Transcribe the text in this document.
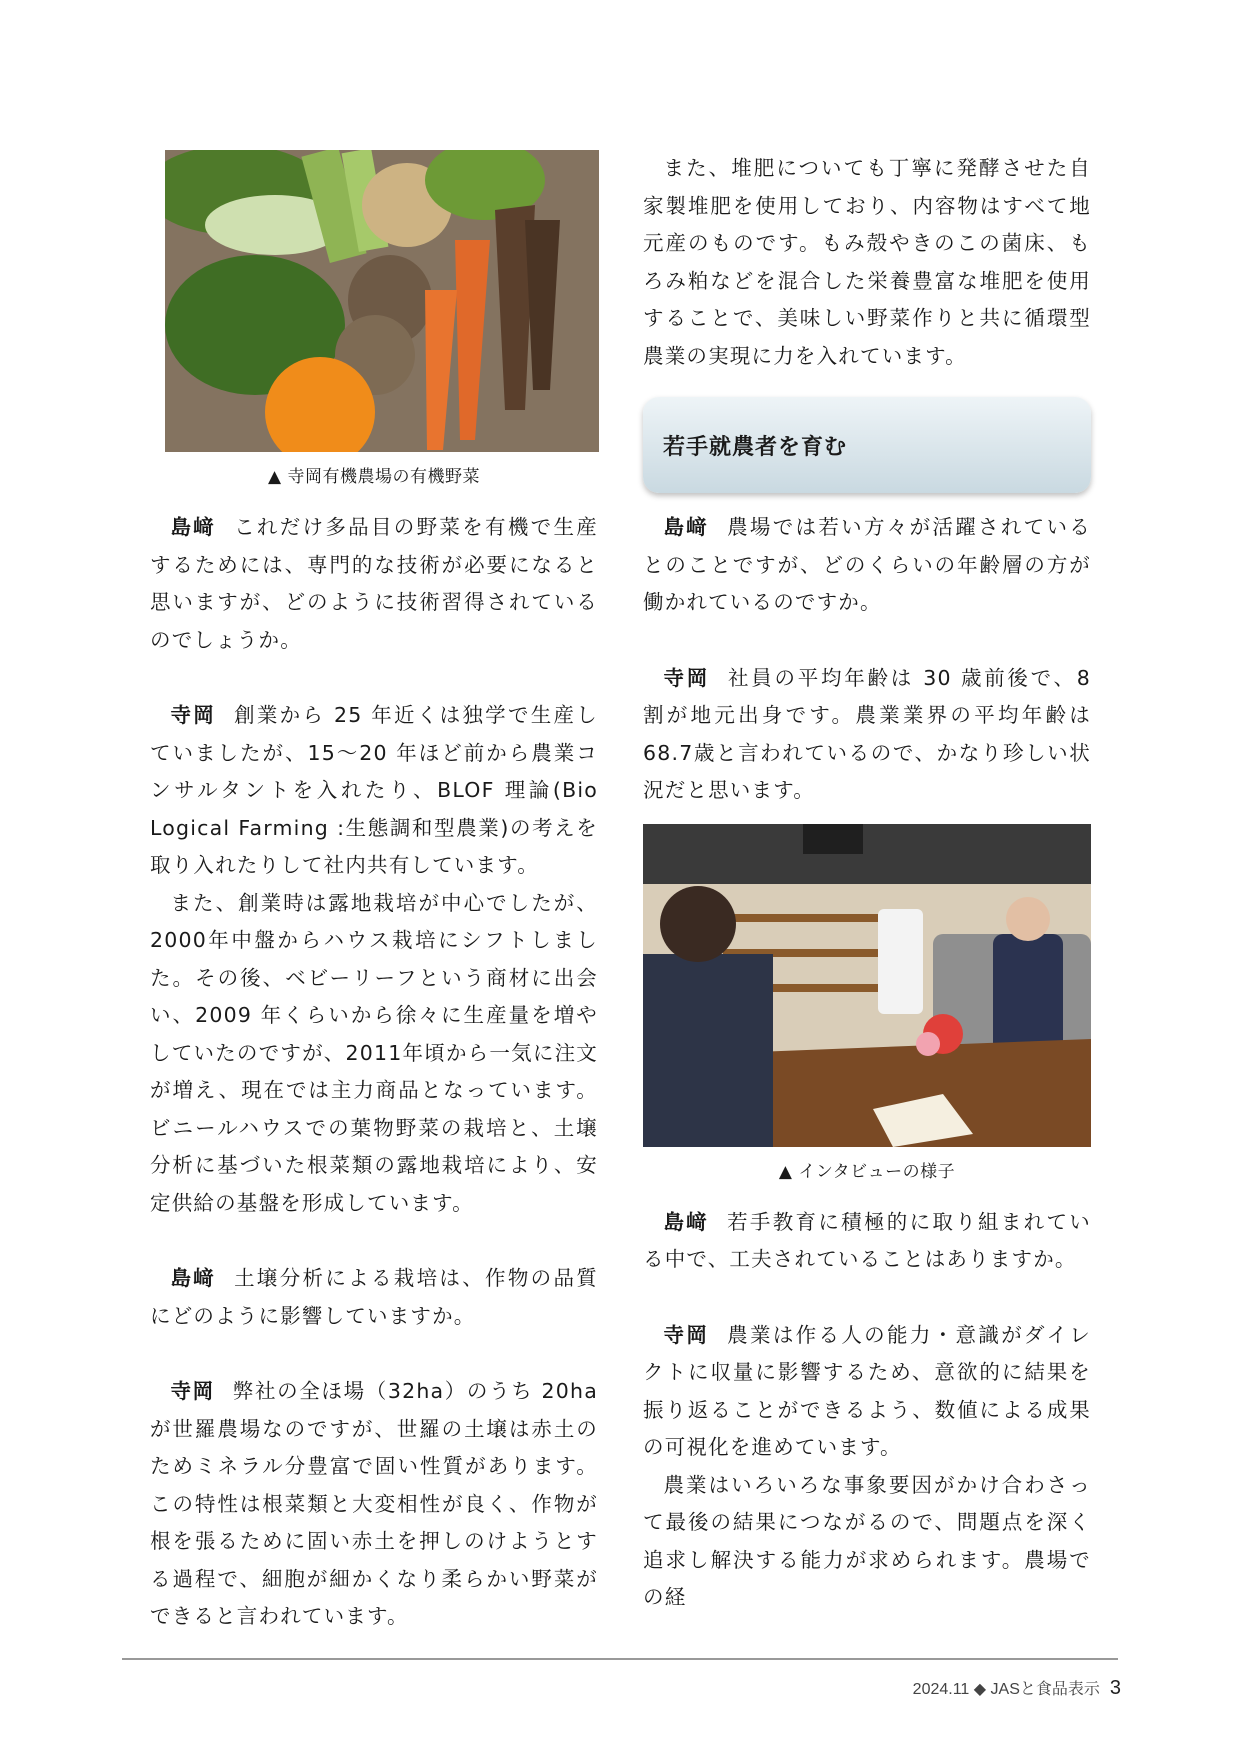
▲ 寺岡有機農場の有機野菜

島﨑 これだけ多品目の野菜を有機で生産するためには、専門的な技術が必要になると思いますが、どのように技術習得されているのでしょうか。

寺岡 創業から 25 年近くは独学で生産していましたが、15〜20 年ほど前から農業コンサルタントを入れたり、BLOF 理論(Bio Logical Farming :生態調和型農業)の考えを取り入れたりして社内共有しています。

また、創業時は露地栽培が中心でしたが、2000年中盤からハウス栽培にシフトしました。その後、ベビーリーフという商材に出会い、2009 年くらいから徐々に生産量を増やしていたのですが、2011年頃から一気に注文が増え、現在では主力商品となっています。ビニールハウスでの葉物野菜の栽培と、土壌分析に基づいた根菜類の露地栽培により、安定供給の基盤を形成しています。

島﨑 土壌分析による栽培は、作物の品質にどのように影響していますか。

寺岡 弊社の全ほ場（32ha）のうち 20ha が世羅農場なのですが、世羅の土壌は赤土のためミネラル分豊富で固い性質があります。この特性は根菜類と大変相性が良く、作物が根を張るために固い赤土を押しのけようとする過程で、細胞が細かくなり柔らかい野菜ができると言われています。

また、堆肥についても丁寧に発酵させた自家製堆肥を使用しており、内容物はすべて地元産のものです。もみ殻やきのこの菌床、もろみ粕などを混合した栄養豊富な堆肥を使用することで、美味しい野菜作りと共に循環型農業の実現に力を入れています。

若手就農者を育む

島﨑 農場では若い方々が活躍されているとのことですが、どのくらいの年齢層の方が働かれているのですか。

寺岡 社員の平均年齢は 30 歳前後で、8 割が地元出身です。農業業界の平均年齢は 68.7歳と言われているので、かなり珍しい状況だと思います。

▲ インタビューの様子

島﨑 若手教育に積極的に取り組まれている中で、工夫されていることはありますか。

寺岡 農業は作る人の能力・意識がダイレクトに収量に影響するため、意欲的に結果を振り返ることができるよう、数値による成果の可視化を進めています。

農業はいろいろな事象要因がかけ合わさって最後の結果につながるので、問題点を深く追求し解決する能力が求められます。農場での経

2024.11 ◆ JASと食品表示 3
